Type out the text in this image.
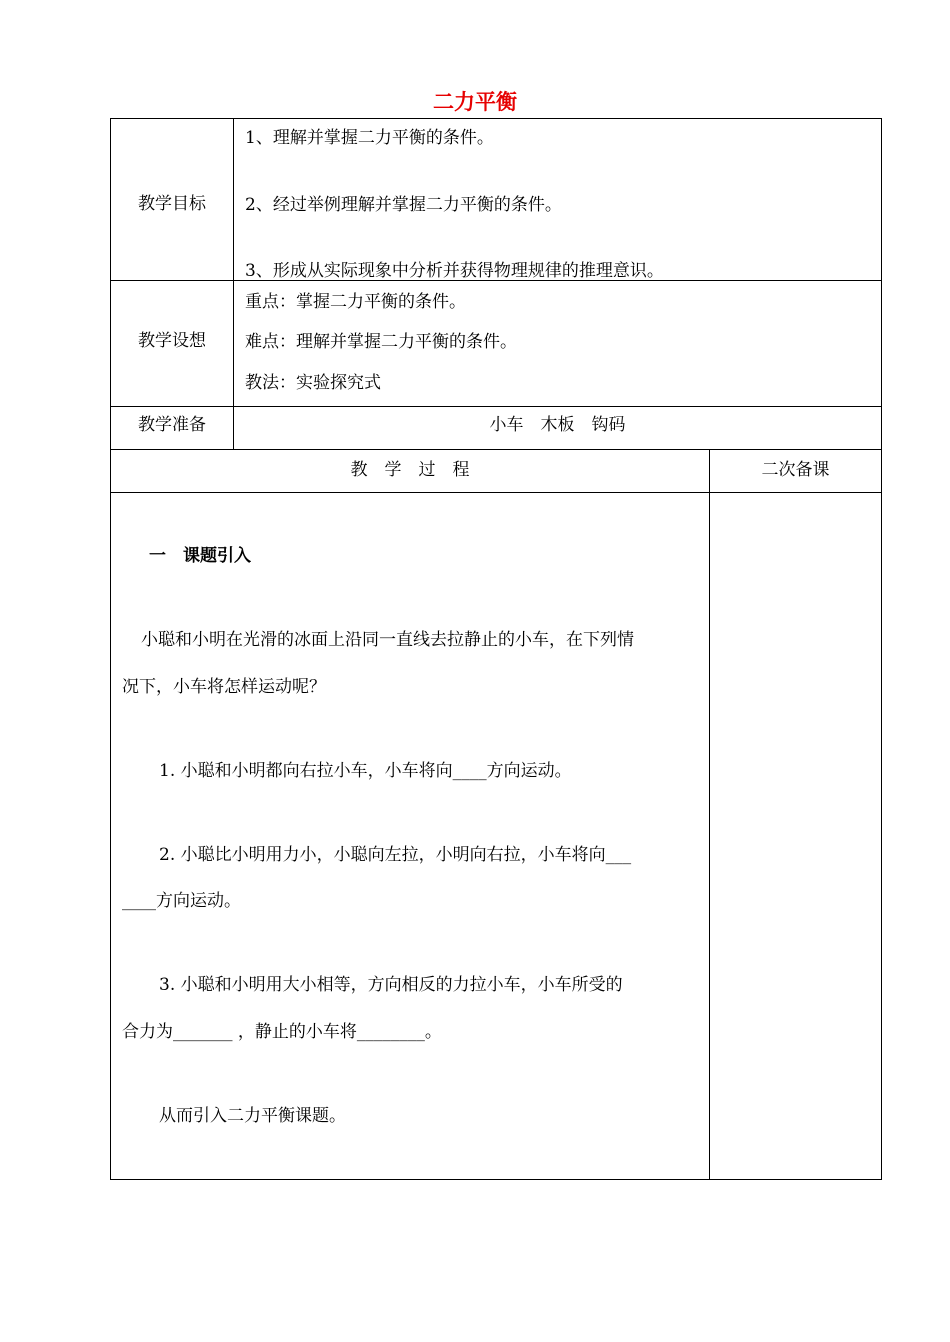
二力平衡
教学目标
1、理解并掌握二力平衡的条件。
2、经过举例理解并掌握二力平衡的条件。
3、形成从实际现象中分析并获得物理规律的推理意识。
教学设想
重点：掌握二力平衡的条件。
难点：理解并掌握二力平衡的条件。
教法：实验探究式
教学准备	小车　木板　钩码
教　学　过　程	二次备课
一　课题引入
小聪和小明在光滑的冰面上沿同一直线去拉静止的小车，在下列情
况下，小车将怎样运动呢？
1. 小聪和小明都向右拉小车，小车将向____方向运动。
2. 小聪比小明用力小，小聪向左拉，小明向右拉，小车将向___
____方向运动。
3. 小聪和小明用大小相等，方向相反的力拉小车，小车所受的
合力为_______ ，静止的小车将________。
从而引入二力平衡课题。
